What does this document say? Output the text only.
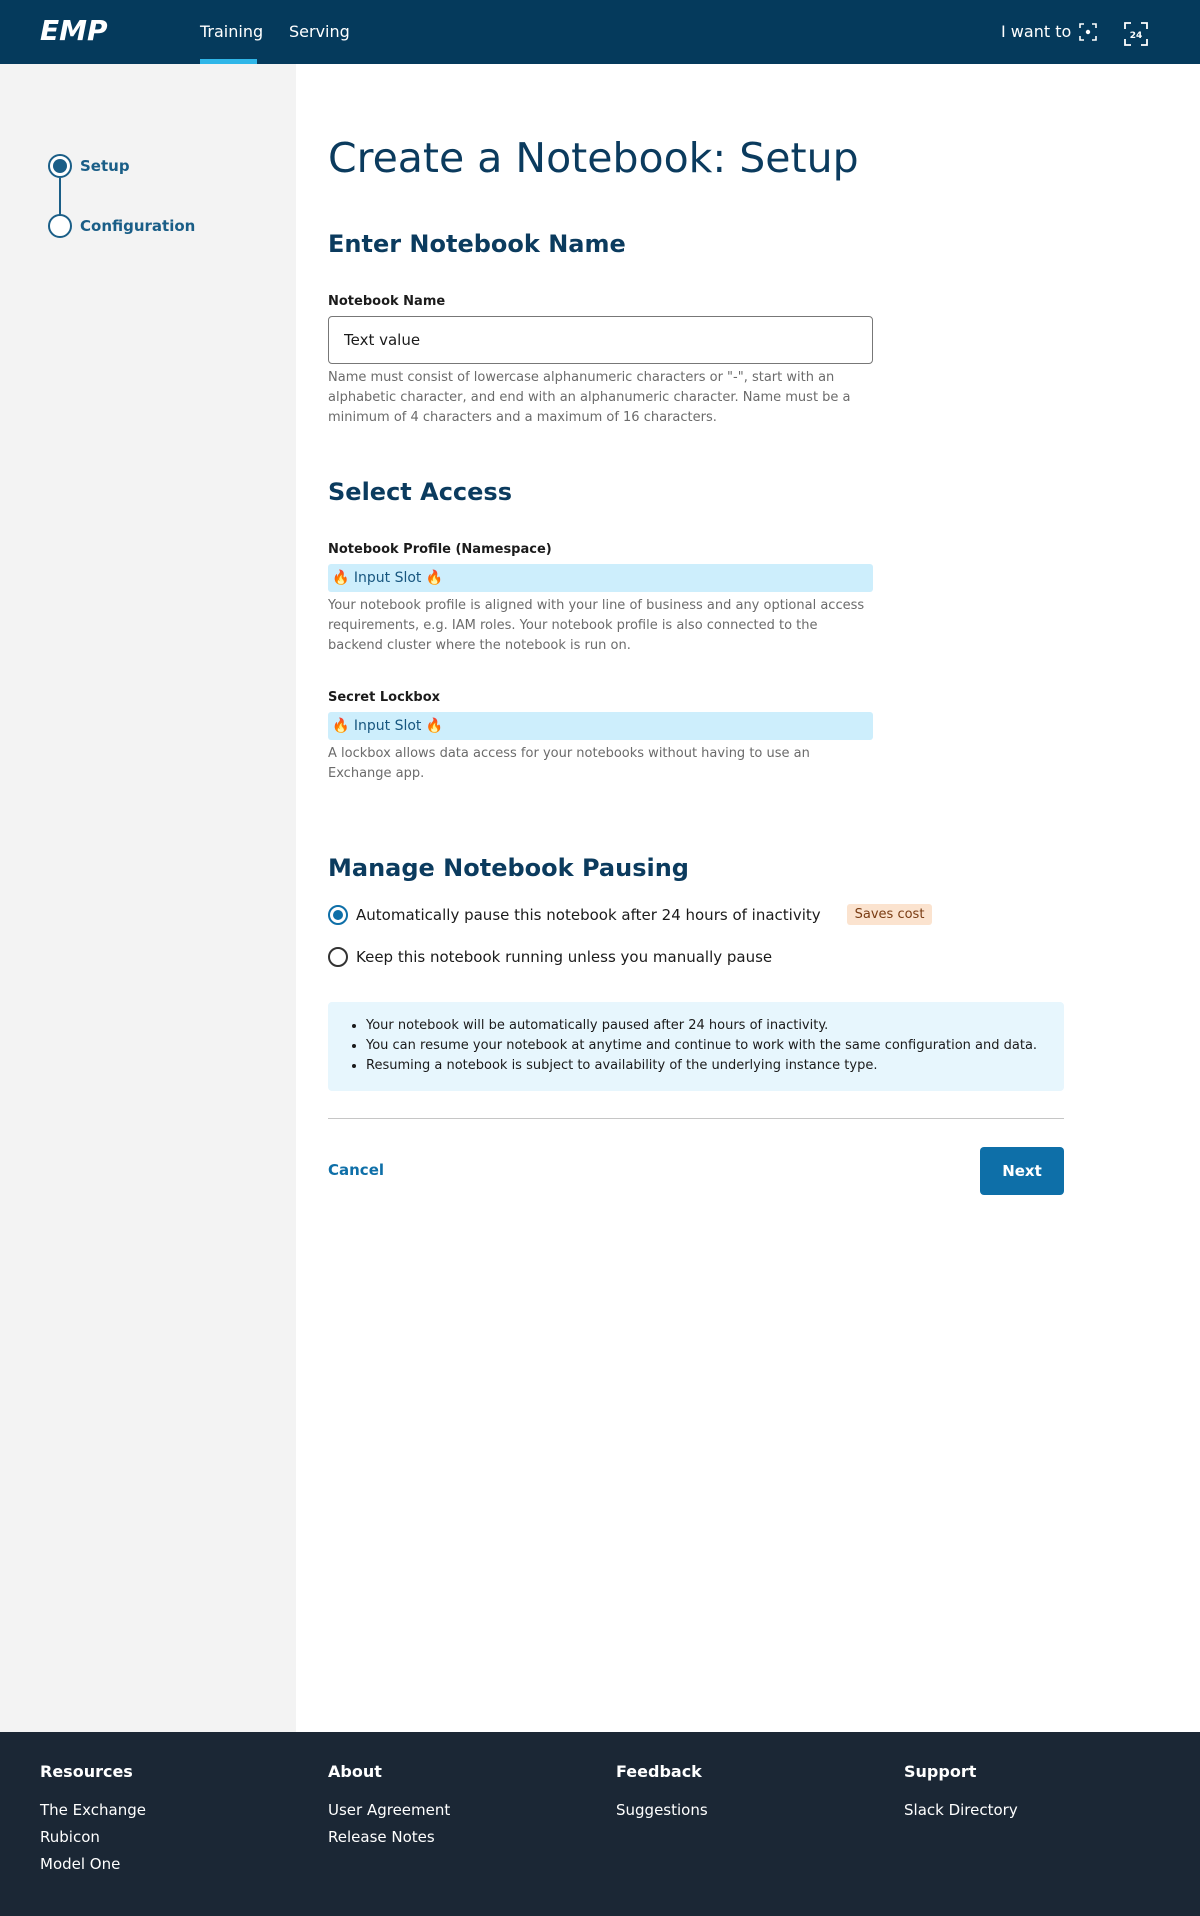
EMP	Training Serving	I want to	24
Setup
Configuration
Create a Notebook: Setup
Enter Notebook Name
Notebook Name
Text value
Name must consist of lowercase alphanumeric characters or "-", start with an alphabetic character, and end with an alphanumeric character. Name must be a minimum of 4 characters and a maximum of 16 characters.
Select Access
Notebook Profile (Namespace)
🔥 Input Slot 🔥
Your notebook profile is aligned with your line of business and any optional access requirements, e.g. IAM roles. Your notebook profile is also connected to the backend cluster where the notebook is run on.
Secret Lockbox
🔥 Input Slot 🔥
A lockbox allows data access for your notebooks without having to use an Exchange app.
Manage Notebook Pausing
Automatically pause this notebook after 24 hours of inactivity	Saves cost
Keep this notebook running unless you manually pause
• Your notebook will be automatically paused after 24 hours of inactivity.
• You can resume your notebook at anytime and continue to work with the same configuration and data.
• Resuming a notebook is subject to availability of the underlying instance type.
Cancel	Next
Resources
The Exchange
Rubicon
Model One
About
User Agreement
Release Notes
Feedback
Suggestions
Support
Slack Directory
